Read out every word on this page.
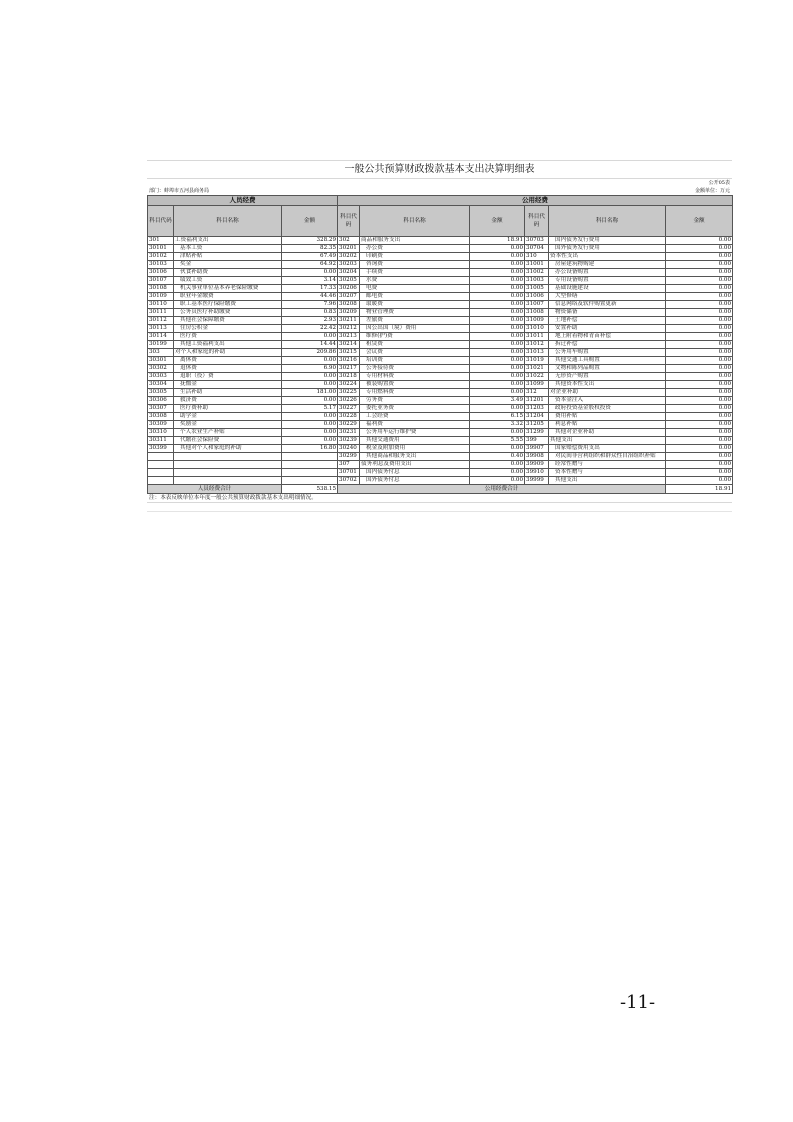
一般公共预算财政拨款基本支出决算明细表
公开05表
部门：蚌埠市五河县商务局	金额单位：万元
人员经费			公用经费					
科目代码	科目名称	金额	科目代码	科目名称	金额	科目代码	科目名称	金额
301	工资福利支出	328.29	302	商品和服务支出	18.91	30703	国内债务发行费用	0.00
30101	基本工资	82.35	30201	办公费	0.00	30704	国外债务发行费用	0.00
30102	津贴补贴	67.49	30202	印刷费	0.00	310	资本性支出	0.00
30103	奖金	64.92	30203	咨询费	0.00	31001	房屋建筑物购建	0.00
30106	伙食补助费	0.00	30204	手续费	0.00	31002	办公设备购置	0.00
30107	绩效工资	3.14	30205	水费	0.00	31003	专用设备购置	0.00
30108	机关事业单位基本养老保险缴费	17.33	30206	电费	0.00	31005	基础设施建设	0.00
30109	职业年金缴费	44.46	30207	邮电费	0.00	31006	大型修缮	0.00
30110	职工基本医疗保险缴费	7.96	30208	取暖费	0.00	31007	信息网络及软件购置更新	0.00
30111	公务员医疗补助缴费	0.83	30209	物业管理费	0.00	31008	物资储备	0.00
30112	其他社会保障缴费	2.93	30211	差旅费	0.00	31009	土地补偿	0.00
30113	住房公积金	22.42	30212	因公出国（境）费用	0.00	31010	安置补助	0.00
30114	医疗费	0.00	30213	维修(护)费	0.00	31011	地上附着物和青苗补偿	0.00
30199	其他工资福利支出	14.44	30214	租赁费	0.00	31012	拆迁补偿	0.00
303	对个人和家庭的补助	209.86	30215	会议费	0.00	31013	公务用车购置	0.00
30301	离休费	0.00	30216	培训费	0.00	31019	其他交通工具购置	0.00
30302	退休费	6.90	30217	公务接待费	0.00	31021	文物和陈列品购置	0.00
30303	退职（役）费	0.00	30218	专用材料费	0.00	31022	无形资产购置	0.00
30304	抚恤金	0.00	30224	被装购置费	0.00	31099	其他资本性支出	0.00
30305	生活补助	181.00	30225	专用燃料费	0.00	312	对企业补助	0.00
30306	救济费	0.00	30226	劳务费	3.49	31201	资本金注入	0.00
30307	医疗费补助	5.17	30227	委托业务费	0.00	31203	政府投资基金股权投资	0.00
30308	助学金	0.00	30228	工会经费	6.15	31204	费用补贴	0.00
30309	奖励金	0.00	30229	福利费	3.32	31205	利息补贴	0.00
30310	个人农业生产补贴	0.00	30231	公务用车运行维护费	0.00	31299	其他对企业补助	0.00
30311	代缴社会保险费	0.00	30239	其他交通费用	5.55	399	其他支出	0.00
30399	其他对个人和家庭的补助	16.80	30240	税金及附加费用	0.00	39907	国家赔偿费用支出	0.00
			30299	其他商品和服务支出	0.40	39908	对民间非营利组织和群众性自治组织补贴	0.00
			307	债务利息及费用支出	0.00	39909	经常性赠与	0.00
			30701	国内债务付息	0.00	39910	资本性赠与	0.00
			30702	国外债务付息	0.00	39999	其他支出	0.00
人员经费合计		538.15	公用经费合计					18.91
注：本表反映单位本年度一般公共预算财政拨款基本支出明细情况。
-11-
